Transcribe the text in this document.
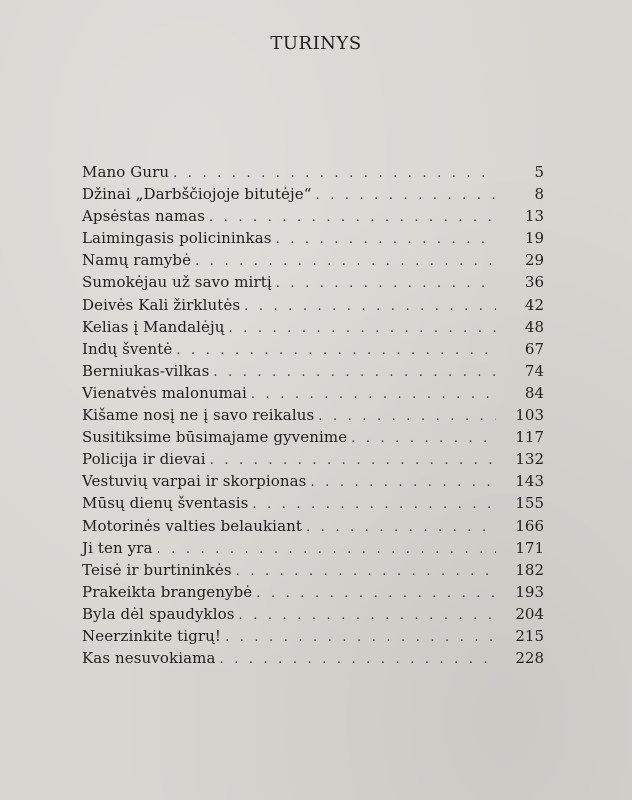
TURINYS
Mano Guru . . .	5
Džinai „Darbščiojoje bitutėje“ . . .	8
Apsėstas namas . . .	13
Laimingasis policininkas . . .	19
Namų ramybė . . .	29
Sumokėjau už savo mirtį . . .	36
Deivės Kali žirklutės . . .	42
Kelias į Mandalėjų . . .	48
Indų šventė . . .	67
Berniukas-vilkas . . .	74
Vienatvės malonumai . . .	84
Kišame nosį ne į savo reikalus . . .	103
Susitiksime būsimajame gyvenime . . .	117
Policija ir dievai . . .	132
Vestuvių varpai ir skorpionas . . .	143
Mūsų dienų šventasis . . .	155
Motorinės valties belaukiant . . .	166
Ji ten yra . . .	171
Teisė ir burtininkės . . .	182
Prakeikta brangenybė . . .	193
Byla dėl spaudyklos . . .	204
Neerzinkite tigrų! . . .	215
Kas nesuvokiama . . .	228
